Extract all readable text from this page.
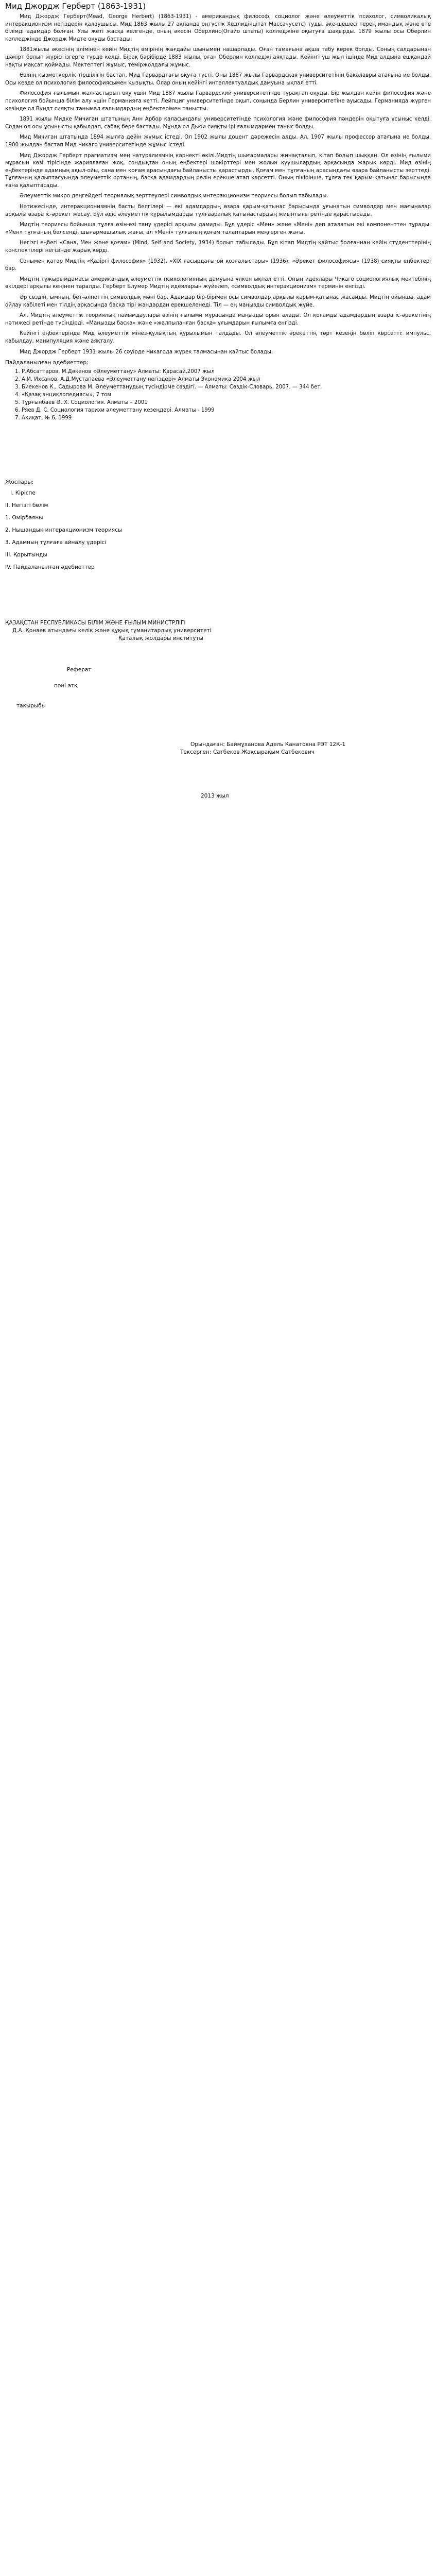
Мид Джордж Герберт (1863-1931)

Мид Джордж Герберт(Mead, George Herbert) (1863-1931) - американдық философ, социолог және әлеуметтік психолог, символикалық интеракционизм негіздерін қалаушысы. Мид 1863 жылы 27 ақпанда оңтүстік Хедлидікцітат Массачусетс) туды. әке-шешесі терең имандық және өте білімді адамдар болған. Улы жеті жасқа келгенде, оның әкесін Оберлинс(Огайо штаты) колледжіне оқытуға шақырды. 1879 жылы осы Оберлин колледжінде Джордж Мидте оқуды бастады.

1881жылы әкесінің өлімінен кейін Мидтің өмірінің жағдайы шынымен нашарлады. Оған тамағына ақша табу керек болды. Соның салдарынан шәкірт болып жүрісі ізгерге түрде келді. Бірақ бәрібірде 1883 жылы, оған Оберлин колледжі аяқтады. Кейінгі үш жыл ішінде Мид алдына ешқандай нақты мақсат қоймады. Мектептегі жұмыс, теміржолдағы жұмыс.

Өзінің қызметкерлік тіршілігін бастап, Мид Гарвардтағы оқуға түсті. Оны 1887 жылы Гарвардская университетінің бакалавры атағына ие болды. Осы кезде ол психология философиясымен қызықты. Олар оның кейінгі интеллектуалдық дамуына ықпал етті.

Философия ғылымын жалғастырып оқу үшін Мид 1887 жылы Гарвардский университетінде тұрақтап оқуды. Бір жылдан кейін философия және психология бойынша білім алу үшін Германияға кетті. Лейпциг университетінде оқып, соңында Берлин университетіне ауысады. Германияда жүрген кезінде ол Вундт сияқты танымал ғалымдардың еңбектерімен танысты.

1891 жылы Мидке Мичиган штатының Анн Арбор қаласындағы университетінде психология және философия пәндерін оқытуға ұсыныс келді. Содан ол осы ұсынысты қабылдап, сабақ бере бастады. Мұнда ол Дьюи сияқты ірі ғалымдармен таныс болды.

Мид Мичиган штатында 1894 жылға дейін жұмыс істеді. Ол 1902 жылы доцент дәрежесін алды. Ал, 1907 жылы профессор атағына ие болды. 1900 жылдан бастап Мид Чикаго университетінде жұмыс істеді.

Мид Джордж Герберт прагматизм мен натурализмнің кəрнекті өкілі.Мидтің шығармалары жинақталып, кітап болып шыққан. Ол өзінің ғылыми мұрасын көзі тірісінде жариялаған жоқ, сондықтан оның еңбектері шәкірттері мен жолын қуушылардың арқасында жарық көрді. Мид өзінің еңбектерінде адамның ақыл-ойы, сана мен қоғам арасындағы байланысты қарастырды. Қоғам мен тұлғаның арасындағы өзара байланысты зерттеді. Тұлғаның қалыптасуында әлеуметтік ортаның, басқа адамдардың рөлін ерекше атап көрсетті. Оның пікірінше, тұлға тек қарым-қатынас барысында ғана қалыптасады.

Әлеуметтік микро деңгейдегі теориялық зерттеулері символдық интеракционизм теориясы болып табылады.

Нәтижесінде, интеракционизмнің басты белгілері — екі адамдардың өзара қарым-қатынас барысында ұғынатын символдар мен мағыналар арқылы өзара іс-әрекет жасау. Бұл әдіс әлеуметтік құрылымдарды тұлғааралық қатынастардың жиынтығы ретінде қарастырады.

Мидтің теориясы бойынша тұлға өзін-өзі тану үдерісі арқылы дамиды. Бұл үдеріс «Мен» және «Мені» деп аталатын екі компоненттен тұрады. «Мен» тұлғаның белсенді, шығармашылық жағы, ал «Мені» тұлғаның қоғам талаптарын меңгерген жағы.

Негізгі еңбегі «Сана, Мен және қоғам» (Mind, Self and Society, 1934) болып табылады. Бұл кітап Мидтің қайтыс болғаннан кейін студенттерінің конспектілері негізінде жарық көрді.

Сонымен қатар Мидтің «Қазіргі философия» (1932), «ХІХ ғасырдағы ой қозғалыстары» (1936), «Әрекет философиясы» (1938) сияқты еңбектері бар.

Мидтің тұжырымдамасы американдық әлеуметтік психологияның дамуына үлкен ықпал етті. Оның идеялары Чикаго социологиялық мектебінің өкілдері арқылы кеңінен таралды. Герберт Блумер Мидтің идеяларын жүйелеп, «символдық интеракционизм» терминін енгізді.

Әр сөздің, ымның, бет-әлпеттің символдық мәні бар. Адамдар бір-бірімен осы символдар арқылы қарым-қатынас жасайды. Мидтің ойынша, адам ойлау қабілеті мен тілдің арқасында басқа тірі жандардан ерекшеленеді. Тіл — ең маңызды символдық жүйе.

Ал, Мидтің әлеуметтік теориялық пайымдаулары өзінің ғылыми мұрасында маңызды орын алады. Ол қоғамды адамдардың өзара іс-әрекетінің нәтижесі ретінде түсіндірді. «Маңызды басқа» және «жалпыланған басқа» ұғымдарын ғылымға енгізді.

Кейінгі еңбектерінде Мид әлеуметтік мінез-құлықтың құрылымын талдады. Ол әлеуметтік әрекеттің төрт кезеңін бөліп көрсетті: импульс, қабылдау, манипуляция және аяқталу.

Мид Джордж Герберт 1931 жылы 26 сәуірде Чикагода жүрек талмасынан қайтыс болады.

Пайдаланылған әдебиеттер:

1. Р.Абсаттаров, М.Дәкенов «Әлеуметтану» Алматы: Қарасай,2007 жыл
2. А.И. Ихсанов, А.Д.Мұстапаева «Әлеуметтану негіздері» Алматы Экономика 2004 жыл
3. Биекенов К., Садырова М. Әлеуметтанудың түсіндірме сөздігі. — Алматы: Сөздік-Словарь, 2007. — 344 бет.
4. «Қазақ энциклопедиясы», 7 том
5. Тұрғынбаев Ә. Х. Социология. Алматы – 2001
6. Ряев Д. С. Социология тарихи әлеуметтану кезеңдері. Алматы - 1999
7. Ақиқат, № 6, 1999

Жоспары:

І. Кіріспе

ІІ. Негізгі бөлім

1. Өмірбаяны

2. Нышандық интеракционизм теориясы

3. Адамның тұлғаға айналу үдерісі

ІІІ. Қорытынды

IV. Пайдаланылған әдебиеттер

ҚАЗАҚСТАН РЕСПУБЛИКАСЫ БІЛІМ ЖӘНЕ ҒЫЛЫМ МИНИСТРЛІГІ

Д.А. Қонаев атындағы келік және құқық гуманитарлық университеті

Қаталық жолдары институты

Реферат

пәні атқ

тақырыбы

Орындаған: Баймұханова Адель Канатовна РЭТ 12К-1

Тексерген: Сатбеков Жақсырақым Сатбекович

2013 жыл
